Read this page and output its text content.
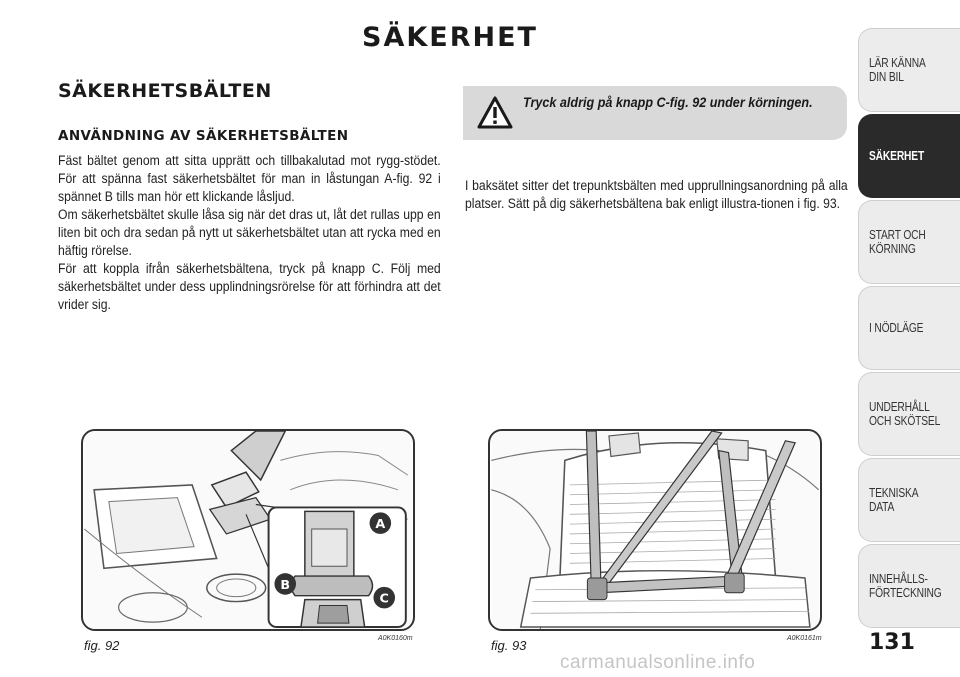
SÄKERHET
SÄKERHETSBÄLTEN
ANVÄNDNING AV SÄKERHETSBÄLTEN

Fäst bältet genom att sitta upprätt och tillbakalutad mot rygg-stödet. För att spänna fast säkerhetsbältet för man in låstungan A-fig. 92 i spännet B tills man hör ett klickande låsljud.

Om säkerhetsbältet skulle låsa sig när det dras ut, låt det rullas upp en liten bit och dra sedan på nytt ut säkerhetsbältet utan att rycka med en häftig rörelse.

För att koppla ifrån säkerhetsbältena, tryck på knapp C. Följ med säkerhetsbältet under dess upplindningsrörelse för att förhindra att det vrider sig.

Tryck aldrig på knapp C-fig. 92 under körningen.

I baksätet sitter det trepunktsbälten med upprullningsanordning på alla platser. Sätt på dig säkerhetsbältena bak enligt illustra-tionen i fig. 93.

A
B
C
fig. 92	A0K0160m	fig. 93	A0K0161m 131
LÄR KÄNNA
DIN BIL
SÄKERHET
START OCH
KÖRNING
I NÖDLÄGE
UNDERHÅLL
OCH SKÖTSEL
TEKNISKA DATA
INNEHÅLLS-
FÖRTECKNING
carmanualsonline.info
